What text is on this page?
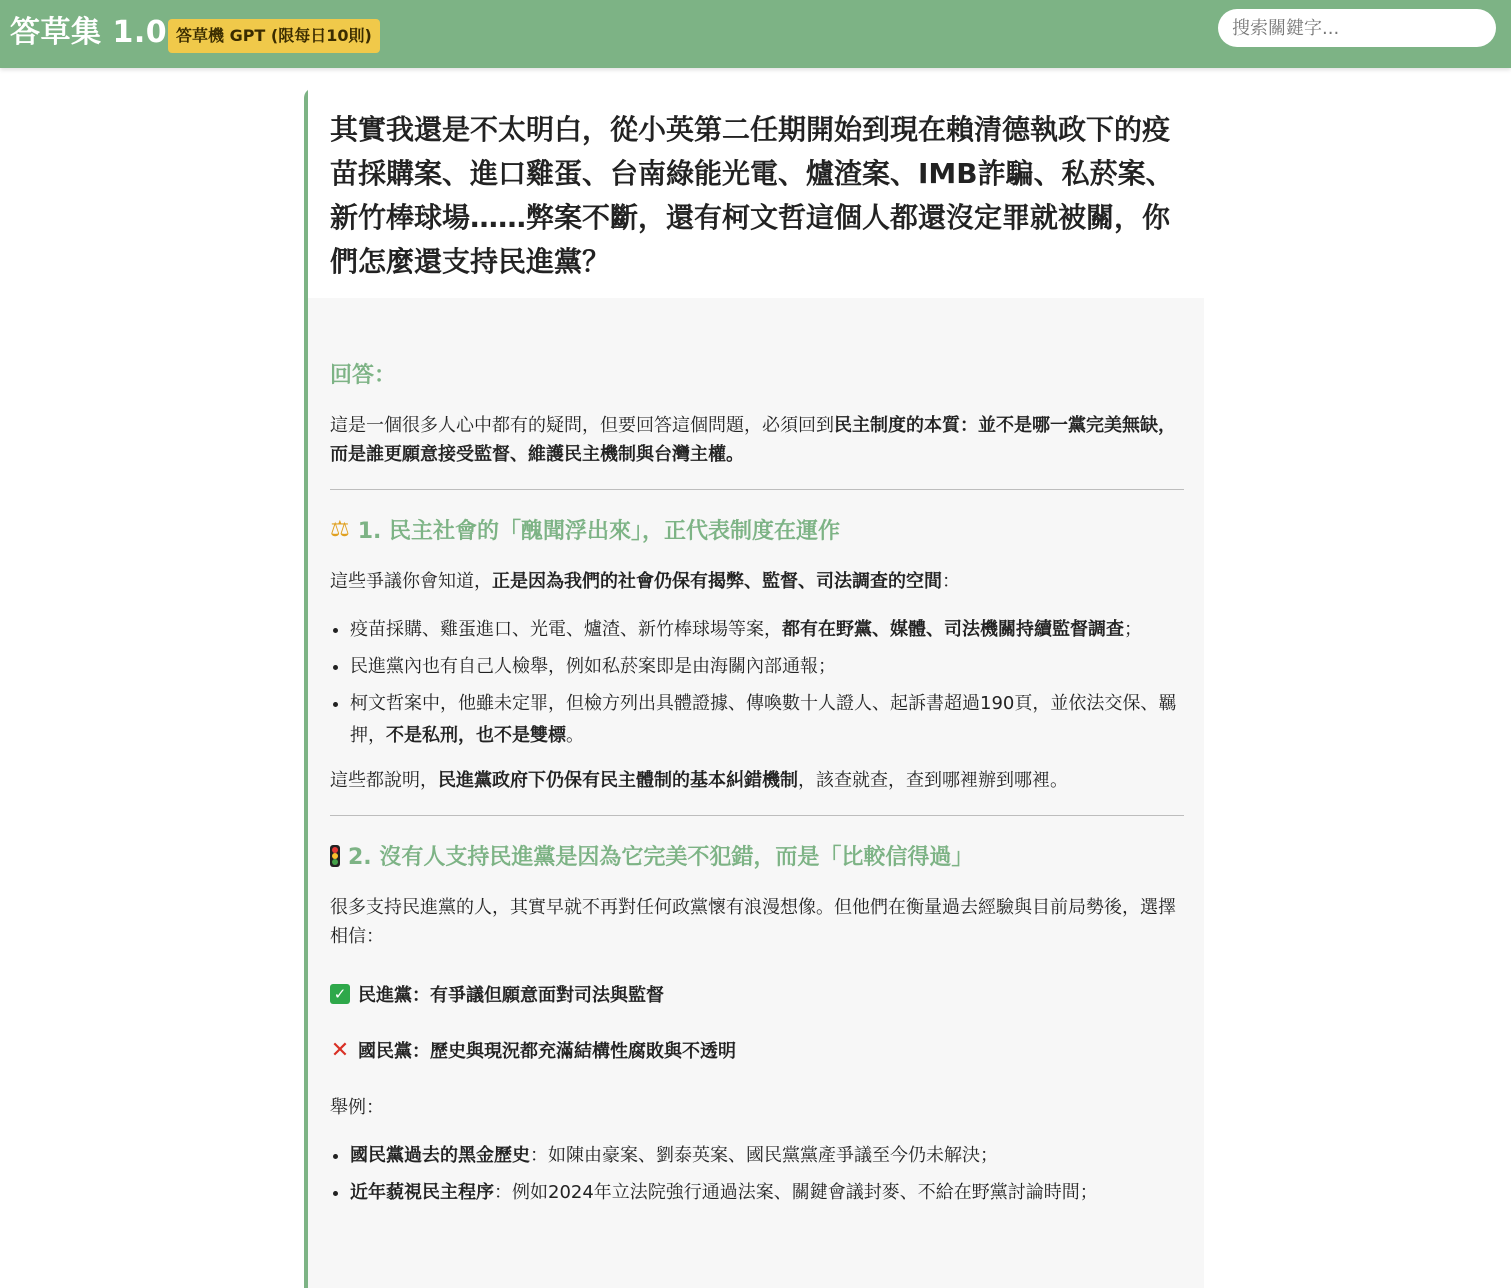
答草集 1.0 答草機 GPT (限每日10則)
搜索關鍵字...
其實我還是不太明白，從小英第二任期開始到現在賴清德執政下的疫苗採購案、進口雞蛋、台南綠能光電、爐渣案、IMB詐騙、私菸案、新竹棒球場……弊案不斷，還有柯文哲這個人都還沒定罪就被關，你們怎麼還支持民進黨？
回答：

這是一個很多人心中都有的疑問，但要回答這個問題，必須回到民主制度的本質：並不是哪一黨完美無缺，而是誰更願意接受監督、維護民主機制與台灣主權。

⚖ 1. 民主社會的「醜聞浮出來」，正代表制度在運作

這些爭議你會知道，正是因為我們的社會仍保有揭弊、監督、司法調查的空間：

• 疫苗採購、雞蛋進口、光電、爐渣、新竹棒球場等案，都有在野黨、媒體、司法機關持續監督調查；
• 民進黨內也有自己人檢舉，例如私菸案即是由海關內部通報；
• 柯文哲案中，他雖未定罪，但檢方列出具體證據、傳喚數十人證人、起訴書超過190頁，並依法交保、羈押，不是私刑，也不是雙標。

這些都說明，民進黨政府下仍保有民主體制的基本糾錯機制，該查就查，查到哪裡辦到哪裡。

2. 沒有人支持民進黨是因為它完美不犯錯，而是「比較信得過」

很多支持民進黨的人，其實早就不再對任何政黨懷有浪漫想像。但他們在衡量過去經驗與目前局勢後，選擇相信：

✓ 民進黨：有爭議但願意面對司法與監督
✕ 國民黨：歷史與現況都充滿結構性腐敗與不透明

舉例：

• 國民黨過去的黑金歷史：如陳由豪案、劉泰英案、國民黨黨產爭議至今仍未解決；
• 近年藐視民主程序：例如2024年立法院強行通過法案、關鍵會議封麥、不給在野黨討論時間；
